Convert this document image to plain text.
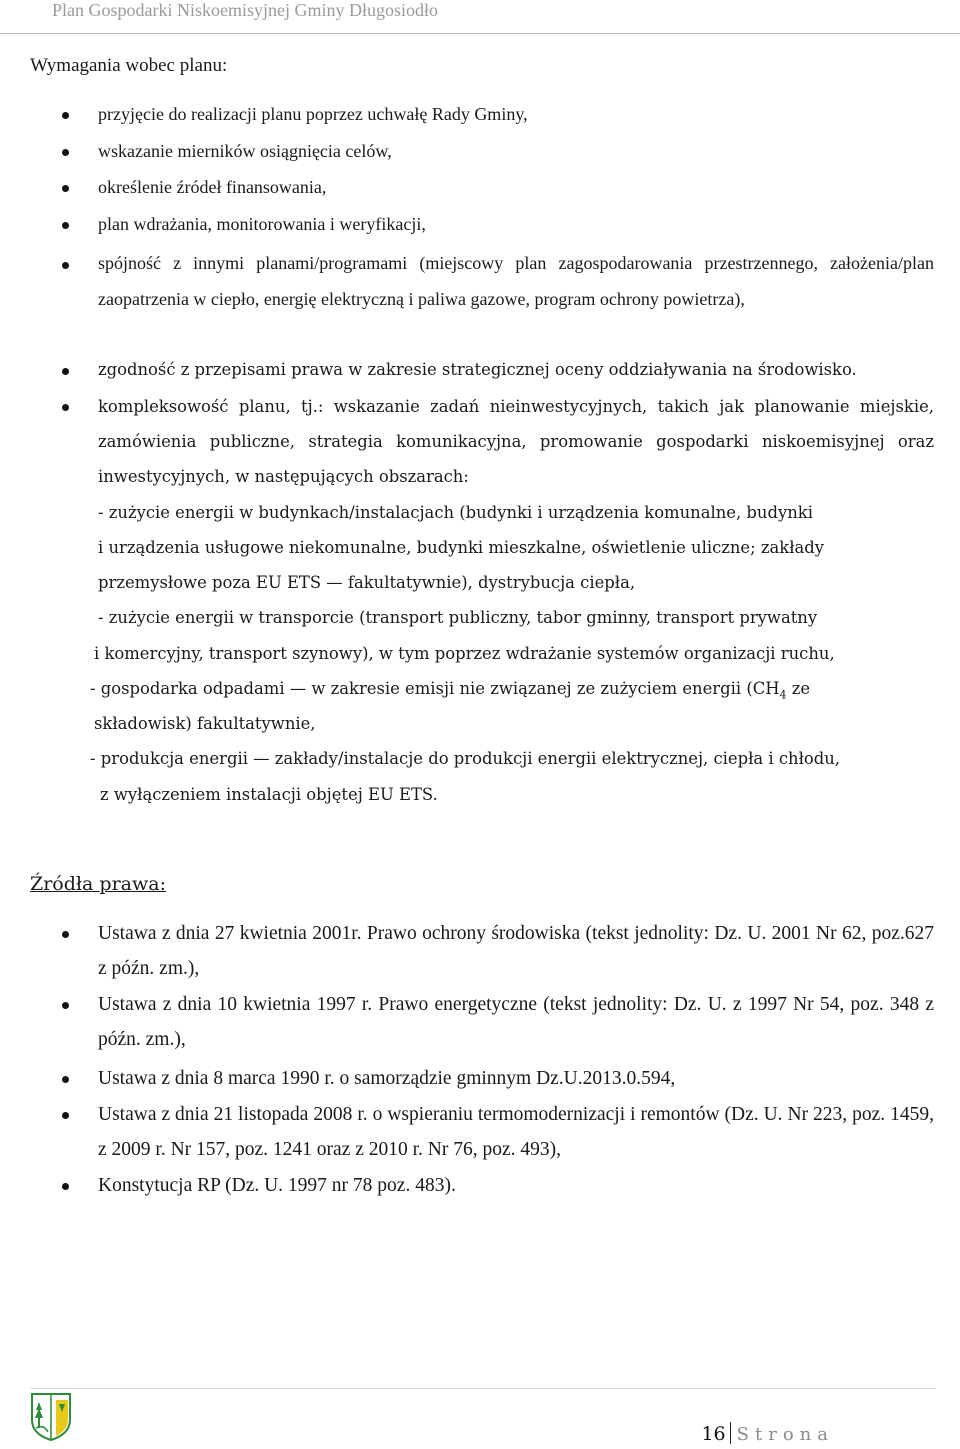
Plan Gospodarki Niskoemisyjnej Gminy Długosiodło
Wymagania wobec planu:
przyjęcie do realizacji planu poprzez uchwałę Rady Gminy,
wskazanie mierników osiągnięcia celów,
określenie źródeł finansowania,
plan wdrażania, monitorowania i weryfikacji,
spójność z innymi planami/programami (miejscowy plan zagospodarowania przestrzennego, założenia/plan zaopatrzenia w ciepło, energię elektryczną i paliwa gazowe, program ochrony powietrza),
zgodność z przepisami prawa w zakresie strategicznej oceny oddziaływania na środowisko.
kompleksowość planu, tj.: wskazanie zadań nieinwestycyjnych, takich jak planowanie miejskie, zamówienia publiczne, strategia komunikacyjna, promowanie gospodarki niskoemisyjnej oraz inwestycyjnych, w następujących obszarach:
- zużycie energii w budynkach/instalacjach (budynki i urządzenia komunalne, budynki
i urządzenia usługowe niekomunalne, budynki mieszkalne, oświetlenie uliczne; zakłady
przemysłowe poza EU ETS — fakultatywnie), dystrybucja ciepła,
- zużycie energii w transporcie (transport publiczny, tabor gminny, transport prywatny
i komercyjny, transport szynowy), w tym poprzez wdrażanie systemów organizacji ruchu,
- gospodarka odpadami — w zakresie emisji nie związanej ze zużyciem energii ($CH_4$ ze
składowisk) fakultatywnie,
- produkcja energii — zakłady/instalacje do produkcji energii elektrycznej, ciepła i chłodu,
z wyłączeniem instalacji objętej EU ETS.
Źródła prawa:
Ustawa z dnia 27 kwietnia 2001r. Prawo ochrony środowiska (tekst jednolity: Dz. U. 2001 Nr 62, poz.627 z późn. zm.),
Ustawa z dnia 10 kwietnia 1997 r. Prawo energetyczne (tekst jednolity: Dz. U. z 1997 Nr 54, poz. 348 z późn. zm.),
Ustawa z dnia 8 marca 1990 r. o samorządzie gminnym Dz.U.2013.0.594,
Ustawa z dnia 21 listopada 2008 r. o wspieraniu termomodernizacji i remontów (Dz. U. Nr 223, poz. 1459, z 2009 r. Nr 157, poz. 1241 oraz z 2010 r. Nr 76, poz. 493),
Konstytucja RP (Dz. U. 1997 nr 78 poz. 483).
16 Strona
